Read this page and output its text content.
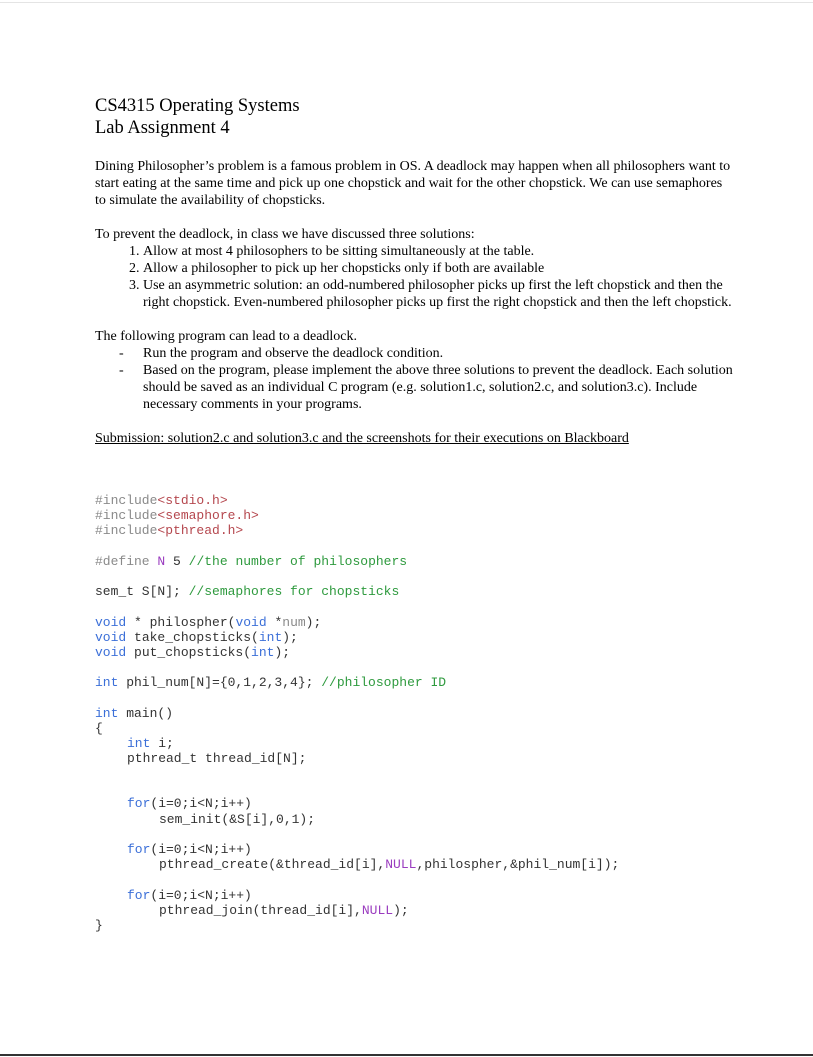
CS4315 Operating Systems
Lab Assignment 4

Dining Philosopher’s problem is a famous problem in OS. A deadlock may happen when all philosophers want to start eating at the same time and pick up one chopstick and wait for the other chopstick. We can use semaphores to simulate the availability of chopsticks.

To prevent the deadlock, in class we have discussed three solutions:

1. Allow at most 4 philosophers to be sitting simultaneously at the table.
2. Allow a philosopher to pick up her chopsticks only if both are available
3. Use an asymmetric solution: an odd-numbered philosopher picks up first the left chopstick and then the right chopstick. Even-numbered philosopher picks up first the right chopstick and then the left chopstick.

The following program can lead to a deadlock.

- Run the program and observe the deadlock condition.
- Based on the program, please implement the above three solutions to prevent the deadlock. Each solution should be saved as an individual C program (e.g. solution1.c, solution2.c, and solution3.c). Include necessary comments in your programs.

Submission: solution2.c and solution3.c and the screenshots for their executions on Blackboard

#include<stdio.h>
#include<semaphore.h>
#include<pthread.h>
#define N 5 //the number of philosophers
sem_t S[N]; //semaphores for chopsticks
void * philospher(void *num);
void take_chopsticks(int);
void put_chopsticks(int);
int phil_num[N]={0,1,2,3,4}; //philosopher ID
int main()
{
int i;
pthread_t thread_id[N];
for(i=0;i<N;i++)
sem_init(&S[i],0,1);
for(i=0;i<N;i++)
pthread_create(&thread_id[i],NULL,philospher,&phil_num[i]);
for(i=0;i<N;i++)
pthread_join(thread_id[i],NULL);
}
